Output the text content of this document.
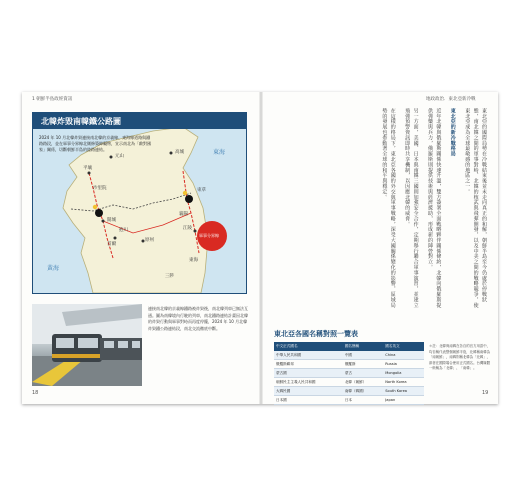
1 朝鮮半島政經資訊
北韓炸毀南韓鐵公路圖
2024 年 10 月北韓炸毀連接南北韓的京義線、東海線道路與鐵路路段，並在軍事分界線北側修築障礙物，宣示南北為「敵對國家」關係，切斷朝鮮半島的陸路連結。	東海
黃海
元山
平壤
沙里院
開城
高城
束草
襄陽
抱川
首爾
原州
江陵
東海
三陟
軍事分界線
連接南北韓的京義線鐵路被炸毀後，南北韓列車已無法互通。圖為南韓境內行駛的列車，南北鐵路連結計畫因北韓的炸毀行動與軍事對峙而再度停擺，2024 年 10 月北韓炸毀鐵公路連結段，南北交流徹底中斷。
18
地政政治．東北亞新冷戰

東北亞的國際局勢在冷戰結束後並未走向真正的和解，朝鮮半島至今仍處於停戰狀態，南北韓之間的軍事對峙、北韓的核武與飛彈開發，以及中美之間的戰略競爭，使東北亞成為全球最敏感的地區之一。

東北亞的新冷戰格局

近年北韓與俄羅斯關係快速升溫，雙方簽署全面戰略夥伴關係條約，北韓向俄羅斯提供彈藥與兵力，俄羅斯則提供技術與經濟援助，形成新的陣營對立。

另一方面，美國、日本與南韓三國則加強安全合作，定期舉行聯合軍事演習，並建立飛彈預警資訊即時共享機制，以因應北韓的威脅。

在這樣的格局下，東北亞各國的外交與軍事戰略，深受大國關係變化的影響，區域局勢的發展也牽動著全球的和平與穩定。

東北亞各國名稱對照一覽表
中文正式國名	國名簡稱	國名英文
中華人民共和國	中國	China
俄羅斯聯邦	俄羅斯	Russia
蒙古國	蒙古	Mongolia
朝鮮民主主義人民共和國	北韓（朝鮮）	North Korea
大韓民國	南韓（韓國）	South Korea
日本國	日本	Japan
＊註：北韓與南韓在各自的官方用語中，均自稱代表整個朝鮮半島，北韓稱南韓為「南朝鮮」，南韓則稱北韓為「北韓」，兩者在國際場合使用正式國名。台灣媒體一般稱為「北韓」、「南韓」。
19
